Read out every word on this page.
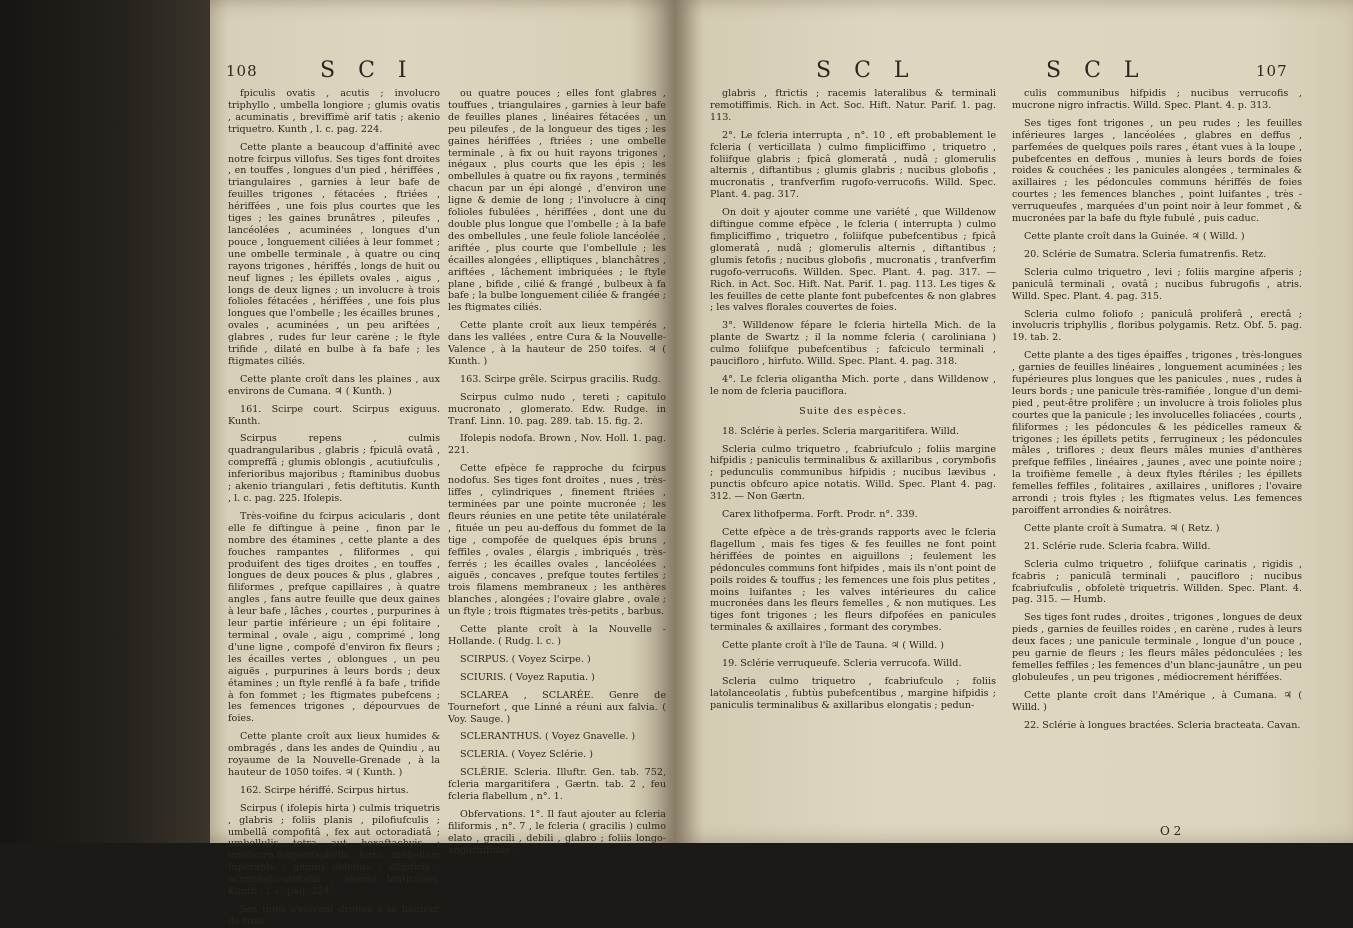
108	S C I

fpiculis ovatis , acutis ; involucro triphyllo , umbella longiore ; glumis ovatis , acuminatis , breviffimè arif tatis ; akenio triquetro. Kunth , l. c. pag. 224.

Cette plante a beaucoup d'affinité avec notre fcirpus villofus. Ses tiges font droites , en touffes , longues d'un pied , hériffées , triangulaires , garnies à leur bafe de feuilles trigones , fétacées , ftriées , hériffées , une fois plus courtes que les tiges ; les gaines brunâtres , pileufes , lancéolées , acuminées , longues d'un pouce , longuement ciliées à leur fommet ; une ombelle terminale , à quatre ou cinq rayons trigones , hériffés , longs de huit ou neuf lignes ; les épillets ovales , aigus , longs de deux lignes ; un involucre à trois folioles fétacées , hériffées , une fois plus longues que l'ombelle ; les écailles brunes , ovales , acuminées , un peu ariftées , glabres , rudes fur leur carène ; le ftyle trifide , dilaté en bulbe à fa bafe ; les ftigmates ciliés.

Cette plante croît dans les plaines , aux environs de Cumana. ♃ ( Kunth. )

161. Scirpe court. Scirpus exiguus. Kunth.

Scirpus repens , culmis quadrangularibus , glabris ; fpiculâ ovatâ , compreffâ ; glumis oblongis , acutiufculis , inferioribus majoribus ; ftaminibus duobus ; akenio triangulari , fetis deftitutis. Kunth , l. c. pag. 225. Ifolepis.

Très-voifine du fcirpus acicularis , dont elle fe diftingue à peine , finon par le nombre des étamines , cette plante a des fouches rampantes , filiformes , qui produifent des tiges droites , en touffes , longues de deux pouces & plus , glabres , filiformes , prefque capillaires , à quatre angles , fans autre feuille que deux gaines à leur bafe , lâches , courtes , purpurines à leur partie inférieure ; un épi folitaire , terminal , ovale , aigu , comprimé , long d'une ligne , compofé d'environ fix fleurs ; les écailles vertes , oblongues , un peu aiguës , purpurines à leurs bords ; deux étamines ; un ftyle renflé à fa bafe , trifide à fon fommet ; les ftigmates pubefcens ; les femences trigones , dépourvues de foies.

Cette plante croît aux lieux humides & ombragés , dans les andes de Quindiu , au royaume de la Nouvelle-Grenade , à la hauteur de 1050 toifes. ♃ ( Kunth. )

162. Scirpe hériffé. Scirpus hirtus.

Scirpus ( ifolepis hirta ) culmis triquetris , glabris ; foliis planis , pilofiufculis ; umbellâ compofitâ , fex aut octoradiatâ ; umbellulis tetra aut hexaftachyis ; involucro fubpentaphyllo , hirto , umbellam fuperante ; glumis oblongo - ellipticis , acuminato-ariftatis ; akenio lenticulari. Kunth , l. c. pag. 224.

Ses tiges s'élèvent droites à la hauteur de trois

ou quatre pouces ; elles font glabres , touffues , triangulaires , garnies à leur bafe de feuilles planes , linéaires fétacées , un peu pileufes , de la longueur des tiges ; les gaines hériffées , ftriées ; une ombelle terminale , à fix ou huit rayons trigones , inégaux , plus courts que les épis ; les ombellules à quatre ou fix rayons , terminés chacun par un épi alongé , d'environ une ligne & demie de long ; l'involucre à cinq folioles fubulées , hériffées , dont une du double plus longue que l'ombelle ; à la bafe des ombellules , une feule foliole lancéolée , ariftée , plus courte que l'ombellule ; les écailles alongées , elliptiques , blanchâtres , ariftées , lâchement imbriquées ; le ftyle plane , bifide , cilié & frangé , bulbeux à fa bafe ; la bulbe longuement ciliée & frangée ; les ftigmates ciliés.

Cette plante croît aux lieux tempérés , dans les vallées , entre Cura & la Nouvelle-Valence , à la hauteur de 250 toifes. ♃ ( Kunth. )

163. Scirpe grêle. Scirpus gracilis. Rudg.

Scirpus culmo nudo , tereti ; capitulo mucronato , glomerato. Edw. Rudge. in Tranf. Linn. 10. pag. 289. tab. 15. fig. 2.

Ifolepis nodofa. Brown , Nov. Holl. 1. pag. 221.

Cette efpèce fe rapproche du fcirpus nodofus. Ses tiges font droites , nues , très-liffes , cylindriques , finement ftriées , terminées par une pointe mucronée ; les fleurs réunies en une petite tête unilatérale , fituée un peu au-deffous du fommet de la tige , compofée de quelques épis bruns , feffiles , ovales , élargis , imbriqués , très-ferrés ; les écailles ovales , lancéolées , aiguës , concaves , prefque toutes fertiles ; trois filamens membraneux ; les anthères blanches , alongées ; l'ovaire glabre , ovale ; un ftyle ; trois ftigmates très-petits , barbus.

Cette plante croît à la Nouvelle - Hollande. ( Rudg. l. c. )

SCIRPUS. ( Voyez Scirpe. )

SCIURIS. ( Voyez Raputia. )

SCLAREA , SCLARÉE. Genre de Tournefort , que Linné a réuni aux falvia. ( Voy. Sauge. )

SCLERANTHUS. ( Voyez Gnavelle. )

SCLERIA. ( Voyez Sclérie. )

SCLÉRIE. Scleria. Illuftr. Gen. tab. 752, fcleria margaritifera , Gærtn. tab. 2 , feu fcleria flabellum , n°. 1.

Obfervations. 1°. Il faut ajouter au fcleria filiformis , n°. 7 , le fcleria ( gracilis ) culmo elato , gracili , debili , glabro ; foliis longo-anguftiffimis ,

S C L	S C L	107

glabris , ftrictis ; racemis lateralibus & terminali remotiffimis. Rich. in Act. Soc. Hift. Natur. Parif. 1. pag. 113.

2°. Le fcleria interrupta , n°. 10 , eft probablement le fcleria ( verticillata ) culmo fimpliciffimo , triquetro , foliifque glabris ; fpicâ glomeratâ , nudâ ; glomerulis alternis , diftantibus ; glumis glabris ; nucibus globofis , mucronatis , tranfverfim rugofo-verrucofis. Willd. Spec. Plant. 4. pag. 317.

On doit y ajouter comme une variété , que Willdenow diftingue comme efpèce , le fcleria ( interrupta ) culmo fimpliciffimo , triquetro , foliifque pubefcentibus ; fpicâ glomeratâ , nudâ ; glomerulis alternis , diftantibus ; glumis fetofis ; nucibus globofis , mucronatis , tranfverfim rugofo-verrucofis. Willden. Spec. Plant. 4. pag. 317. — Rich. in Act. Soc. Hift. Nat. Parif. 1. pag. 113. Les tiges & les feuilles de cette plante font pubefcentes & non glabres ; les valves florales couvertes de foies.

3°. Willdenow fépare le fcleria hirtella Mich. de la plante de Swartz ; il la nomme fcleria ( caroliniana ) culmo foliifque pubefcentibus ; fafciculo terminali , paucifloro , hirfuto. Willd. Spec. Plant. 4. pag. 318.

4°. Le fcleria oligantha Mich. porte , dans Willdenow , le nom de fcleria pauciflora.

Suite des espèces.

18. Sclérie à perles. Scleria margaritifera. Willd.

Scleria culmo triquetro , fcabriufculo ; foliis margine hifpidis ; paniculis terminalibus & axillaribus , corymbofis ; pedunculis communibus hifpidis ; nucibus lævibus , punctis obfcuro apice notatis. Willd. Spec. Plant 4. pag. 312. — Non Gærtn.

Carex lithofperma. Forft. Prodr. n°. 339.

Cette efpèce a de très-grands rapports avec le fcleria flagellum , mais fes tiges & fes feuilles ne font point hériffées de pointes en aiguillons ; feulement les pédoncules communs font hifpides , mais ils n'ont point de poils roides & touffus ; les femences une fois plus petites , moins luifantes ; les valves intérieures du calice mucronées dans les fleurs femelles , & non mutiques. Les tiges font trigones ; les fleurs difpofées en panicules terminales & axillaires , formant des corymbes.

Cette plante croît à l'île de Tauna. ♃ ( Willd. )

19. Sclérie verruqueufe. Scleria verrucofa. Willd.

Scleria culmo triquetro , fcabriufculo ; foliis latolanceolatis , fubtùs pubefcentibus , margine hifpidis ; paniculis terminalibus & axillaribus elongatis ; pedun-

culis communibus hifpidis ; nucibus verrucofis , mucrone nigro infractis. Willd. Spec. Plant. 4. p. 313.

Ses tiges font trigones , un peu rudes ; les feuilles inférieures larges , lancéolées , glabres en deffus , parfemées de quelques poils rares , étant vues à la loupe , pubefcentes en deffous , munies à leurs bords de foies roides & couchées ; les panicules alongées , terminales & axillaires ; les pédoncules communs hériffés de foies courtes ; les femences blanches , point luifantes , très - verruqueufes , marquées d'un point noir à leur fommet , & mucronées par la bafe du ftyle fubulé , puis caduc.

Cette plante croît dans la Guinée. ♃ ( Willd. )

20. Sclérie de Sumatra. Scleria fumatrenfis. Retz.

Scleria culmo triquetro , levi ; foliis margine afperis ; paniculâ terminali , ovatâ ; nucibus fubrugofis , atris. Willd. Spec. Plant. 4. pag. 315.

Scleria culmo foliofo ; paniculâ proliferâ , erectâ ; involucris triphyllis , floribus polygamis. Retz. Obf. 5. pag. 19. tab. 2.

Cette plante a des tiges épaiffes , trigones , très-longues , garnies de feuilles linéaires , longuement acuminées ; les fupérieures plus longues que les panicules , nues , rudes à leurs bords ; une panicule très-ramifiée , longue d'un demi-pied , peut-être prolifère ; un involucre à trois folioles plus courtes que la panicule ; les involucelles foliacées , courts , filiformes ; les pédoncules & les pédicelles rameux & trigones ; les épillets petits , ferrugineux ; les pédoncules mâles , triflores ; deux fleurs mâles munies d'anthères prefque feffiles , linéaires , jaunes , avec une pointe noire ; la troifième femelle , à deux ftyles ftériles ; les épillets femelles feffiles , folitaires , axillaires , uniflores ; l'ovaire arrondi ; trois ftyles ; les ftigmates velus. Les femences paroiffent arrondies & noirâtres.

Cette plante croît à Sumatra. ♃ ( Retz. )

21. Sclérie rude. Scleria fcabra. Willd.

Scleria culmo triquetro , foliifque carinatis , rigidis , fcabris ; paniculâ terminali , paucifloro ; nucibus fcabriufculis , obfoletè triquetris. Willden. Spec. Plant. 4. pag. 315. — Humb.

Ses tiges font rudes , droites , trigones , longues de deux pieds , garnies de feuilles roides , en carène , rudes à leurs deux faces ; une panicule terminale , longue d'un pouce , peu garnie de fleurs ; les fleurs mâles pédonculées ; les femelles feffiles ; les femences d'un blanc-jaunâtre , un peu globuleufes , un peu trigones , médiocrement hériffées.

Cette plante croît dans l'Amérique , à Cumana. ♃ ( Willd. )

22. Sclérie à longues bractées. Scleria bracteata. Cavan.

O 2
